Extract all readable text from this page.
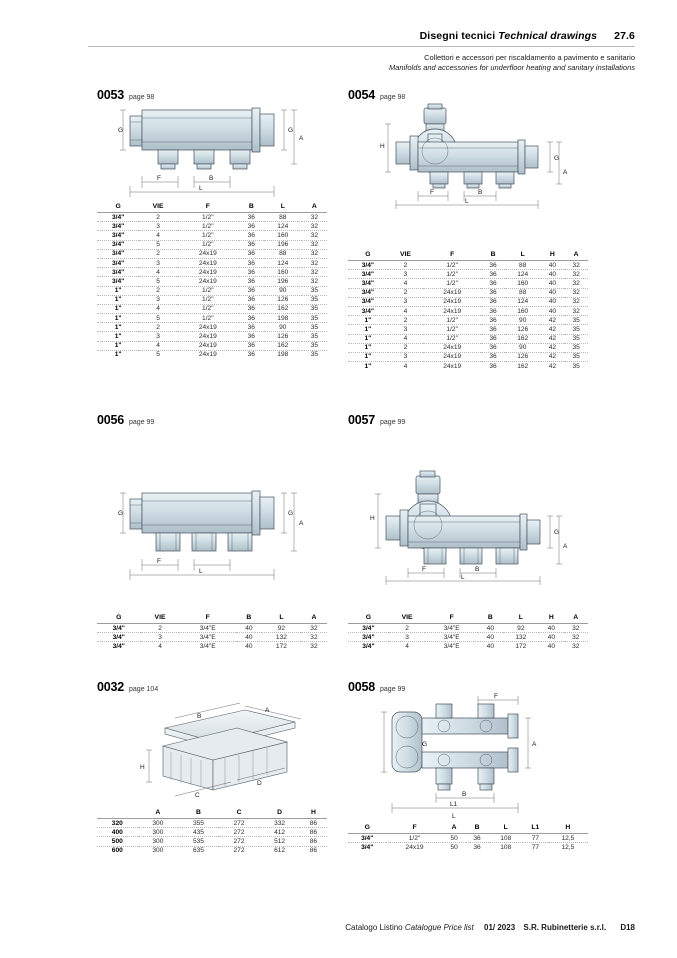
Disegni tecnici Technical drawings 27.6
Collettori e accessori per riscaldamento a pavimento e sanitario
Manifolds and accessories for underfloor heating and sanitary installations
0053 page 98
G	G
A
F	B
L
G	VIE	F	B	L	A
3/4"	2	1/2"	36	88	32
3/4"	3	1/2"	36	124	32
3/4"	4	1/2"	36	160	32
3/4"	5	1/2"	36	196	32
3/4"	2	24x19	36	88	32
3/4"	3	24x19	36	124	32
3/4"	4	24x19	36	160	32
3/4"	5	24x19	36	196	32
1"	2	1/2"	36	90	35
1"	3	1/2"	36	126	35
1"	4	1/2"	36	162	35
1"	5	1/2"	36	198	35
1"	2	24x19	36	90	35
1"	3	24x19	36	126	35
1"	4	24x19	36	162	35
1"	5	24x19	36	198	35
0054 page 98
H
G
A
F	B
L
G	VIE	F	B	L	H	A
3/4"	2	1/2"	36	88	40	32
3/4"	3	1/2"	36	124	40	32
3/4"	4	1/2"	36	160	40	32
3/4"	2	24x19	36	88	40	32
3/4"	3	24x19	36	124	40	32
3/4"	4	24x19	36	160	40	32
1"	2	1/2"	36	90	42	35
1"	3	1/2"	36	126	42	35
1"	4	1/2"	36	162	42	35
1"	2	24x19	36	90	42	35
1"	3	24x19	36	126	42	35
1"	4	24x19	36	162	42	35
0056 page 99
G	G
A
F
L
G	VIE	F	B	L	A
3/4"	2	3/4"E	40	92	32
3/4"	3	3/4"E	40	132	32
3/4"	4	3/4"E	40	172	32
0057 page 99
H
G
A
F	B
L
G	VIE	F	B	L	H	A
3/4"	2	3/4"E	40	92	40	32
3/4"	3	3/4"E	40	132	40	32
3/4"	4	3/4"E	40	172	40	32
0032 page 104
B
A
H
C
D
	A	B	C	D	H
320	300	355	272	332	86
400	300	435	272	412	86
500	300	535	272	512	86
600	300	635	272	612	86
0058 page 99
F
G	A
B
L1
L
G	F	A	B	L	L1	H
3/4"	1/2"	50	36	108	77	12,5
3/4"	24x19	50	36	108	77	12,5
Catalogo Listino Catalogue Price list 01/ 2023 S.R. Rubinetterie s.r.l. D18
